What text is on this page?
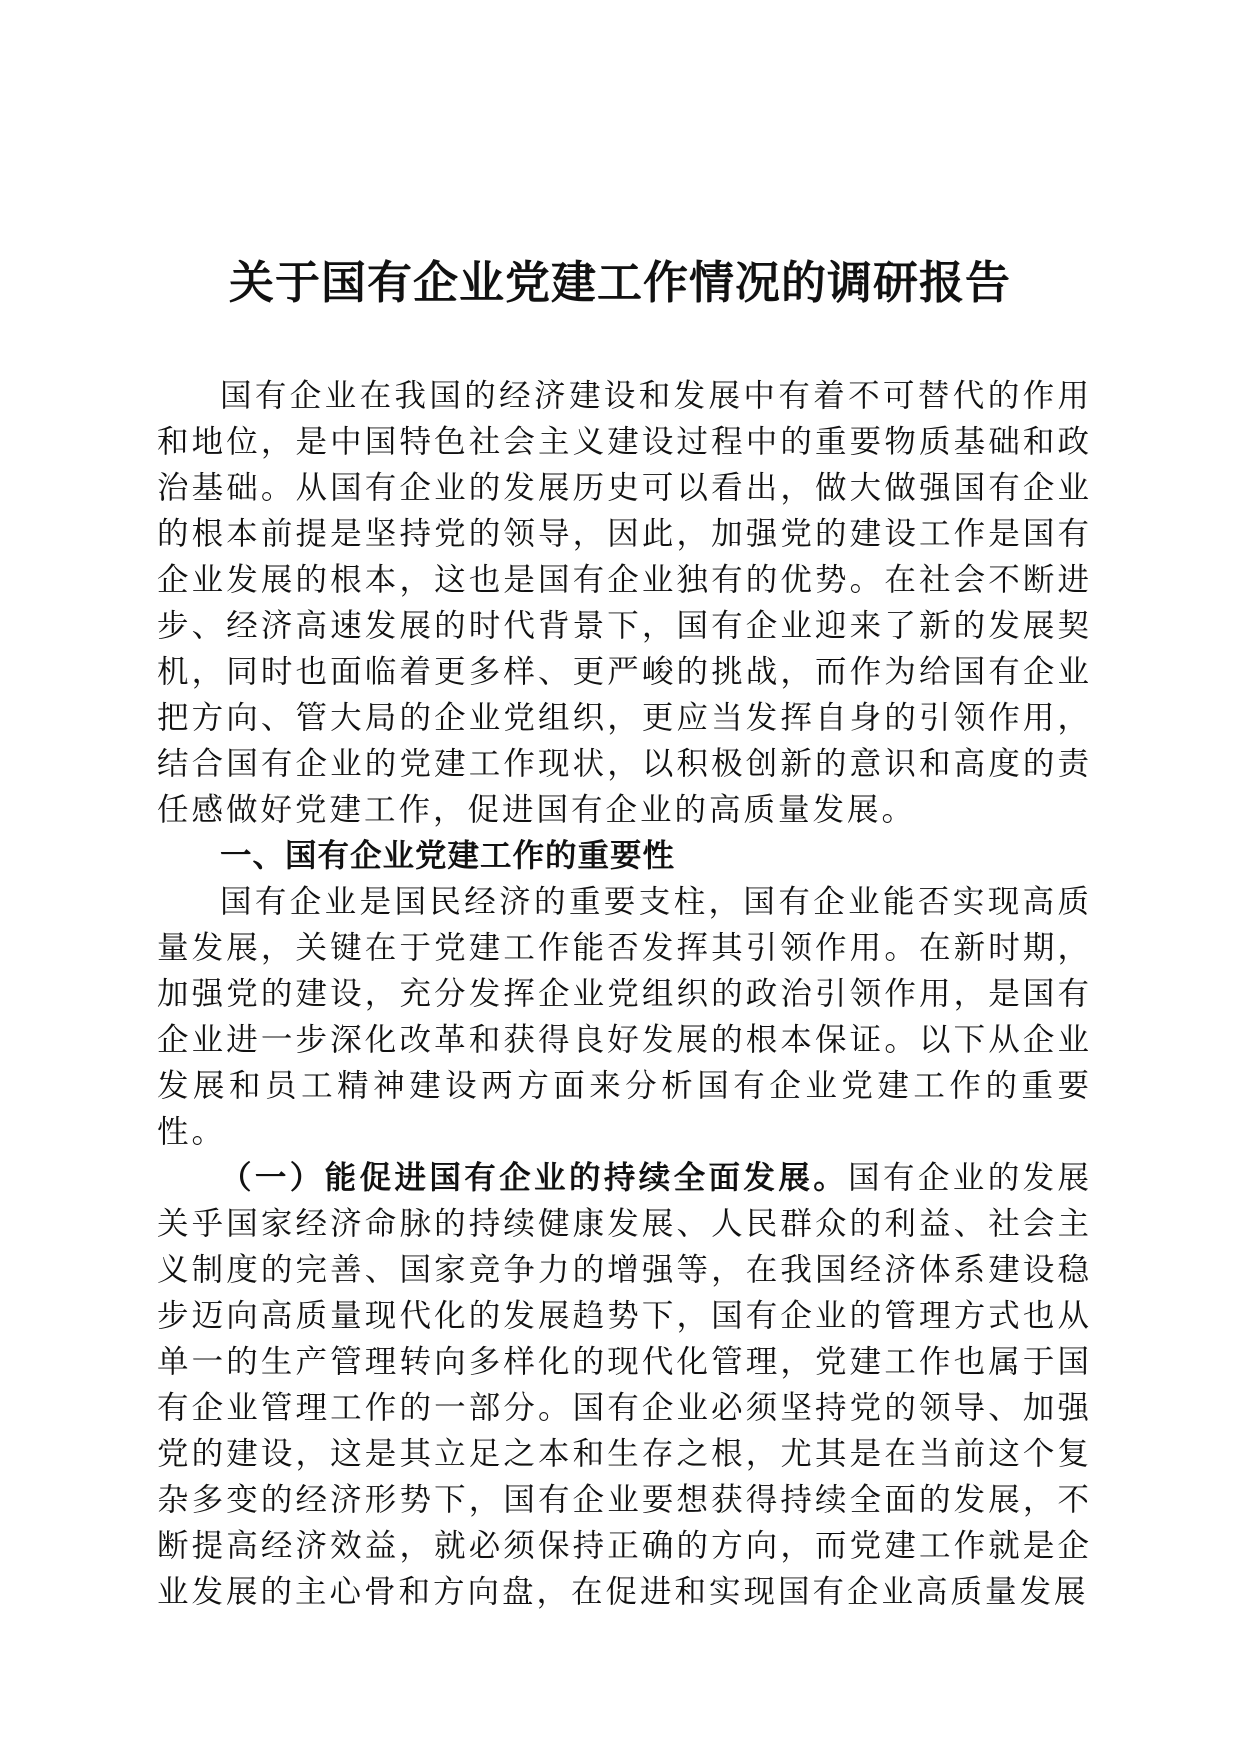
关于国有企业党建工作情况的调研报告

国有企业在我国的经济建设和发展中有着不可替代的作用和地位，是中国特色社会主义建设过程中的重要物质基础和政治基础。从国有企业的发展历史可以看出，做大做强国有企业的根本前提是坚持党的领导，因此，加强党的建设工作是国有企业发展的根本，这也是国有企业独有的优势。在社会不断进步、经济高速发展的时代背景下，国有企业迎来了新的发展契机，同时也面临着更多样、更严峻的挑战，而作为给国有企业把方向、管大局的企业党组织，更应当发挥自身的引领作用，结合国有企业的党建工作现状，以积极创新的意识和高度的责任感做好党建工作，促进国有企业的高质量发展。

一、国有企业党建工作的重要性

国有企业是国民经济的重要支柱，国有企业能否实现高质量发展，关键在于党建工作能否发挥其引领作用。在新时期，加强党的建设，充分发挥企业党组织的政治引领作用，是国有企业进一步深化改革和获得良好发展的根本保证。以下从企业发展和员工精神建设两方面来分析国有企业党建工作的重要性。

（一）能促进国有企业的持续全面发展。国有企业的发展关乎国家经济命脉的持续健康发展、人民群众的利益、社会主义制度的完善、国家竞争力的增强等，在我国经济体系建设稳步迈向高质量现代化的发展趋势下，国有企业的管理方式也从单一的生产管理转向多样化的现代化管理，党建工作也属于国有企业管理工作的一部分。国有企业必须坚持党的领导、加强党的建设，这是其立足之本和生存之根，尤其是在当前这个复杂多变的经济形势下，国有企业要想获得持续全面的发展，不断提高经济效益，就必须保持正确的方向，而党建工作就是企业发展的主心骨和方向盘，在促进和实现国有企业高质量发展
